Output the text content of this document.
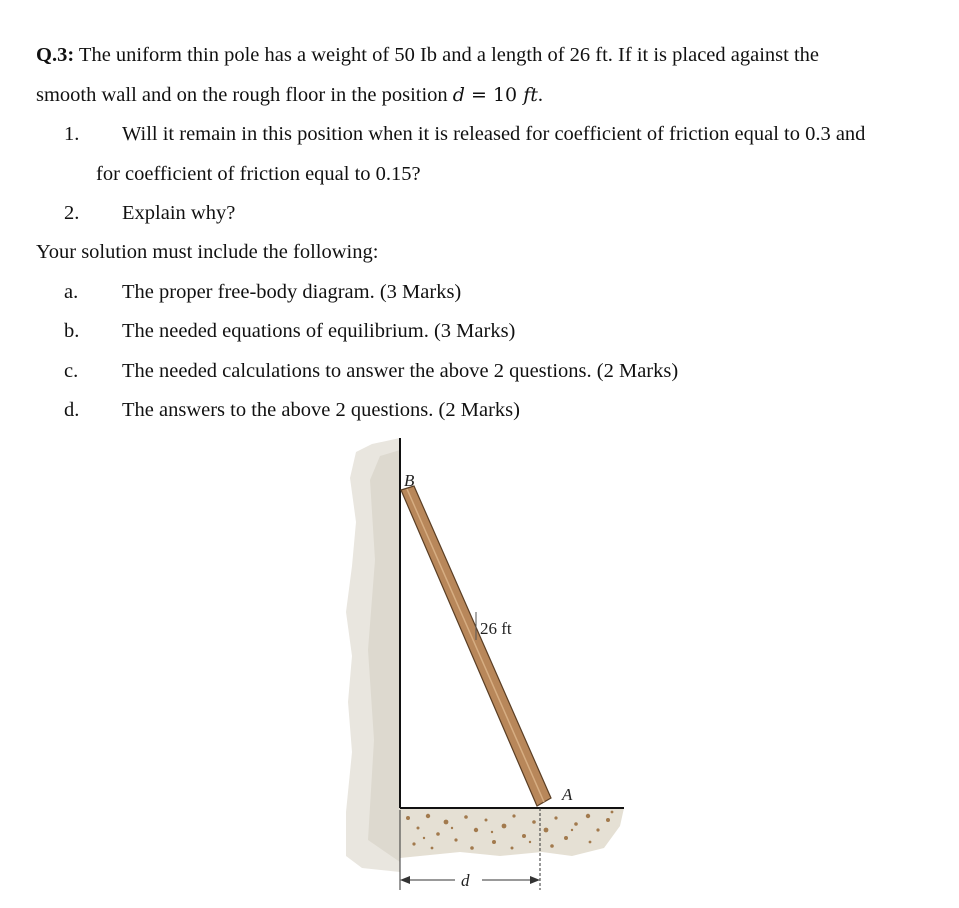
Q.3: The uniform thin pole has a weight of 50 Ib and a length of 26 ft. If it is placed against the
smooth wall and on the rough floor in the position d = 10 ft.
1. Will it remain in this position when it is released for coefficient of friction equal to 0.3 and
for coefficient of friction equal to 0.15?
2. Explain why?
Your solution must include the following:
a. The proper free-body diagram. (3 Marks)
b. The needed equations of equilibrium. (3 Marks)
c. The needed calculations to answer the above 2 questions. (2 Marks)
d. The answers to the above 2 questions. (2 Marks)
26 ft
B
A
d
